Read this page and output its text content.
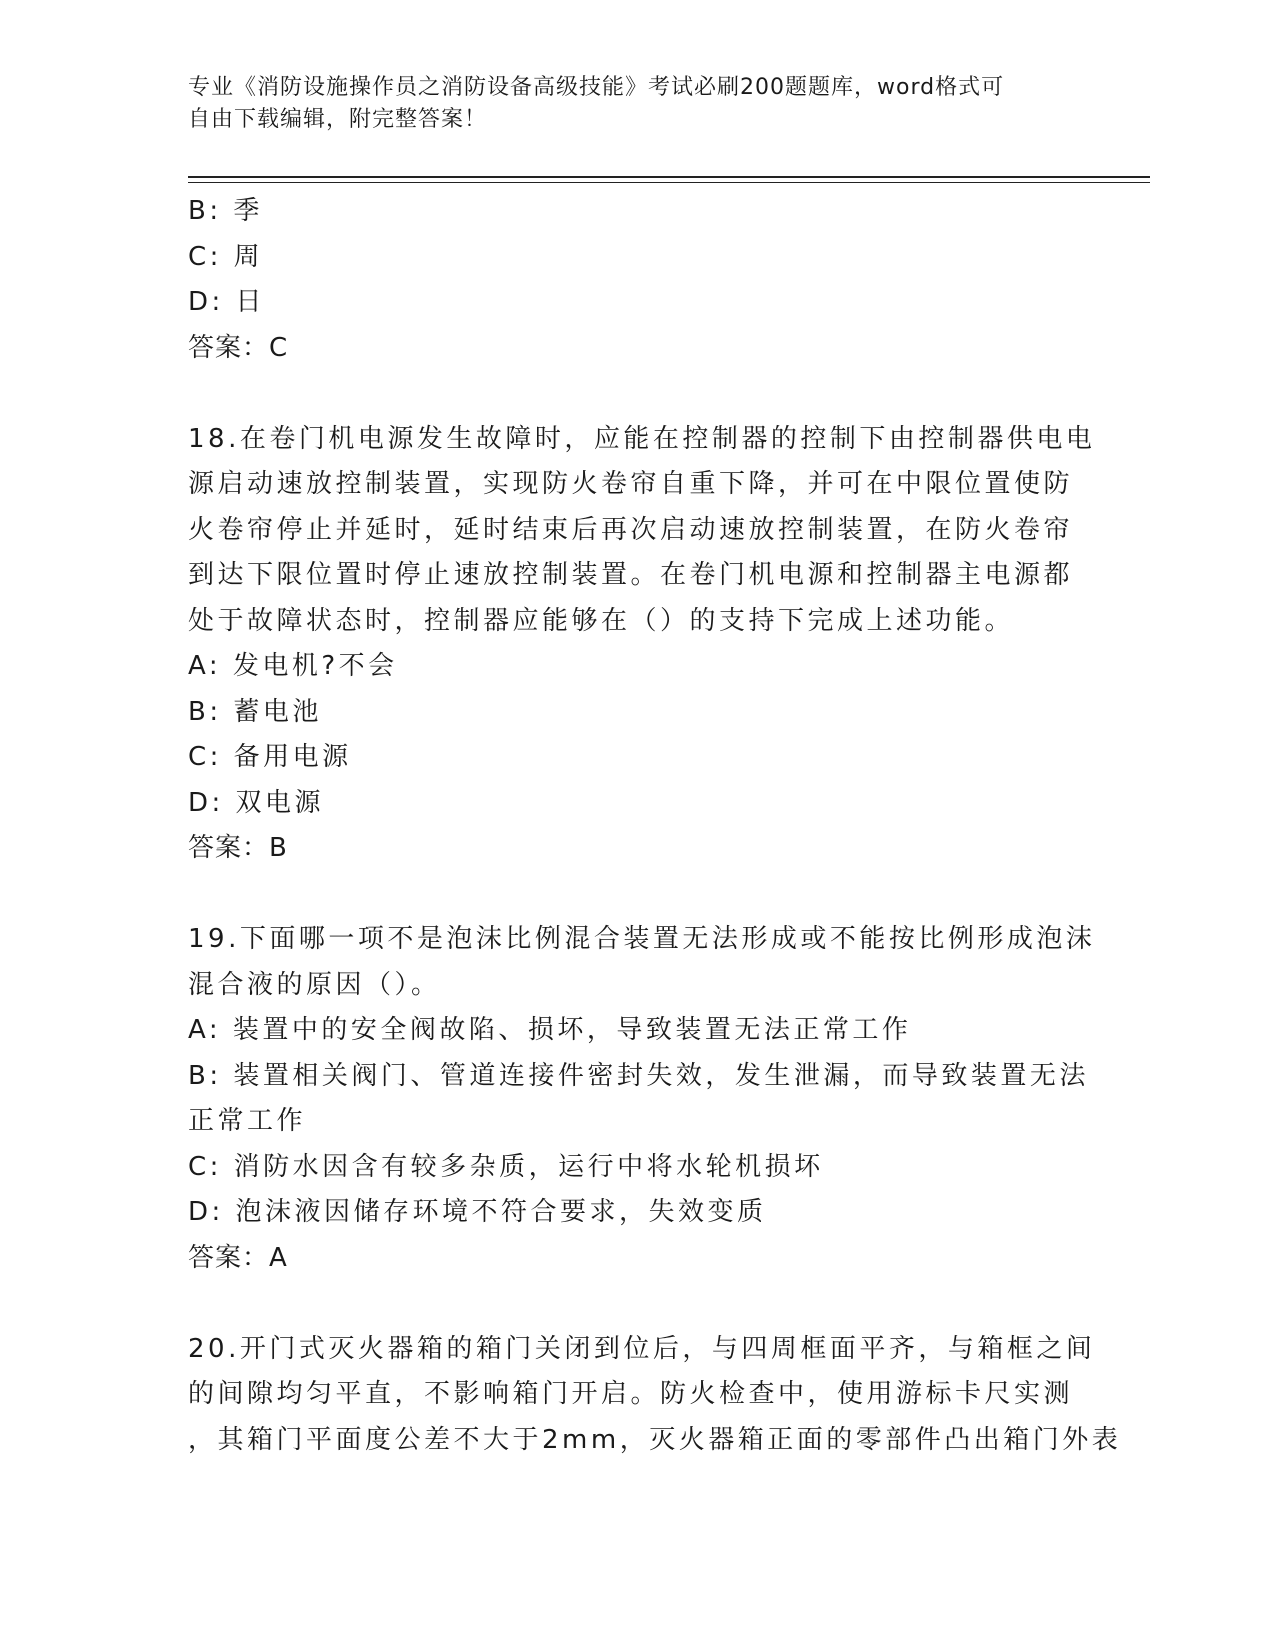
专业《消防设施操作员之消防设备高级技能》考试必刷200题题库，word格式可
自由下载编辑，附完整答案！
B: 季
C: 周
D: 日
答案：C
18.在卷门机电源发生故障时，应能在控制器的控制下由控制器供电电
源启动速放控制装置，实现防火卷帘自重下降，并可在中限位置使防
火卷帘停止并延时，延时结束后再次启动速放控制装置，在防火卷帘
到达下限位置时停止速放控制装置。在卷门机电源和控制器主电源都
处于故障状态时，控制器应能够在（）的支持下完成上述功能。
A: 发电机?不会
B: 蓄电池
C: 备用电源
D: 双电源
答案：B
19.下面哪一项不是泡沫比例混合装置无法形成或不能按比例形成泡沫
混合液的原因（）。
A: 装置中的安全阀故陷、损坏，导致装置无法正常工作
B: 装置相关阀门、管道连接件密封失效，发生泄漏，而导致装置无法
正常工作
C: 消防水因含有较多杂质，运行中将水轮机损坏
D: 泡沫液因储存环境不符合要求，失效变质
答案：A
20.开门式灭火器箱的箱门关闭到位后，与四周框面平齐，与箱框之间
的间隙均匀平直，不影响箱门开启。防火检查中，使用游标卡尺实测
，其箱门平面度公差不大于2mm，灭火器箱正面的零部件凸出箱门外表
